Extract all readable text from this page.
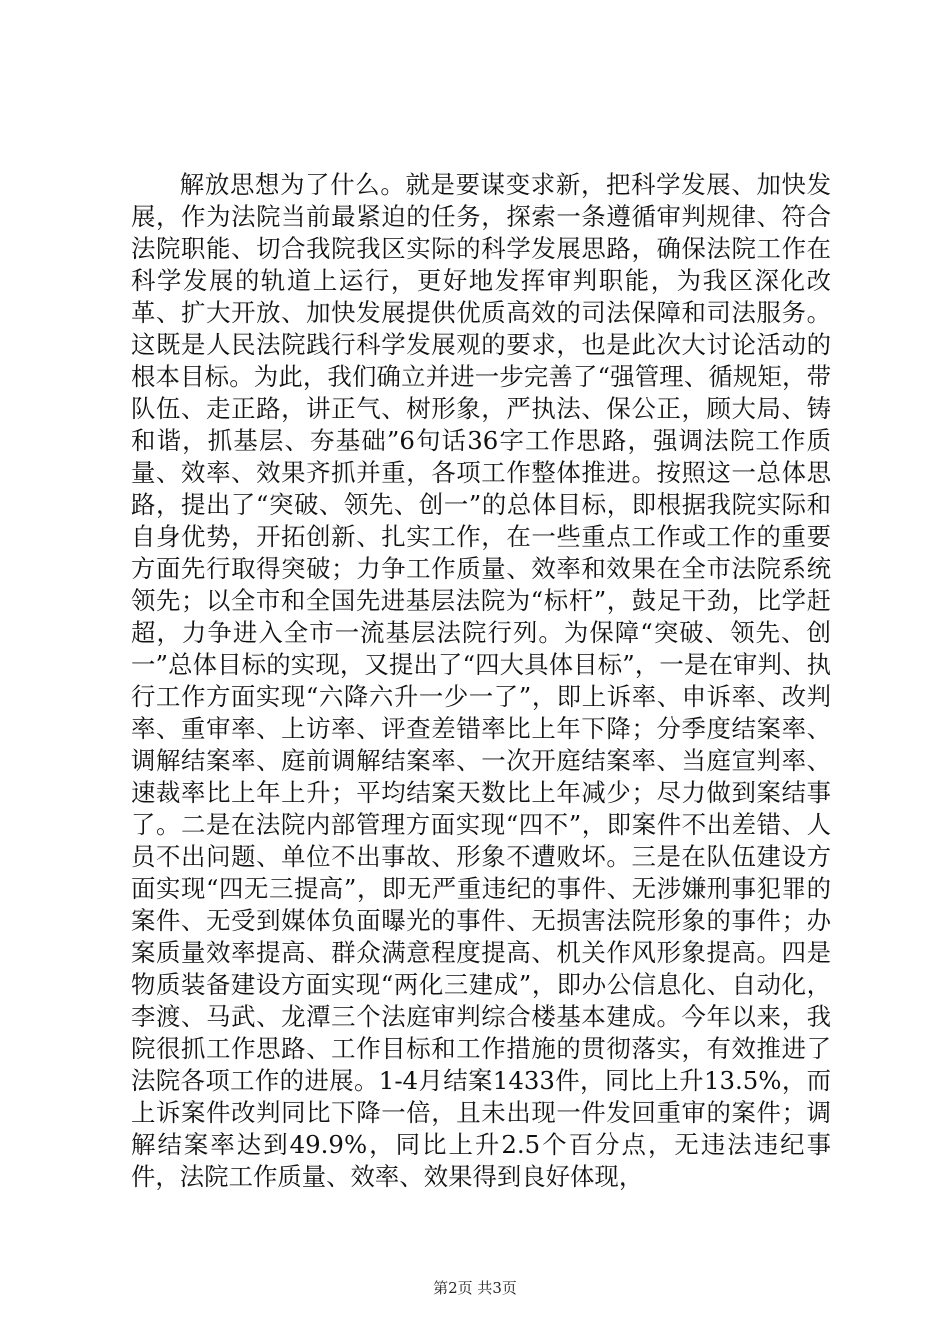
解放思想为了什么。就是要谋变求新，把科学发展、加快发展，作为法院当前最紧迫的任务，探索一条遵循审判规律、符合法院职能、切合我院我区实际的科学发展思路，确保法院工作在科学发展的轨道上运行，更好地发挥审判职能，为我区深化改革、扩大开放、加快发展提供优质高效的司法保障和司法服务。这既是人民法院践行科学发展观的要求，也是此次大讨论活动的根本目标。为此，我们确立并进一步完善了“强管理、循规矩，带队伍、走正路，讲正气、树形象，严执法、保公正，顾大局、铸和谐，抓基层、夯基础”6句话36字工作思路，强调法院工作质量、效率、效果齐抓并重，各项工作整体推进。按照这一总体思路，提出了“突破、领先、创一”的总体目标，即根据我院实际和自身优势，开拓创新、扎实工作，在一些重点工作或工作的重要方面先行取得突破；力争工作质量、效率和效果在全市法院系统领先；以全市和全国先进基层法院为“标杆”，鼓足干劲，比学赶超，力争进入全市一流基层法院行列。为保障“突破、领先、创一”总体目标的实现，又提出了“四大具体目标”，一是在审判、执行工作方面实现“六降六升一少一了”，即上诉率、申诉率、改判率、重审率、上访率、评查差错率比上年下降；分季度结案率、调解结案率、庭前调解结案率、一次开庭结案率、当庭宣判率、速裁率比上年上升；平均结案天数比上年减少；尽力做到案结事了。二是在法院内部管理方面实现“四不”，即案件不出差错、人员不出问题、单位不出事故、形象不遭败坏。三是在队伍建设方面实现“四无三提高”，即无严重违纪的事件、无涉嫌刑事犯罪的案件、无受到媒体负面曝光的事件、无损害法院形象的事件；办案质量效率提高、群众满意程度提高、机关作风形象提高。四是物质装备建设方面实现“两化三建成”，即办公信息化、自动化，李渡、马武、龙潭三个法庭审判综合楼基本建成。今年以来，我院很抓工作思路、工作目标和工作措施的贯彻落实，有效推进了法院各项工作的进展。1-4月结案1433件，同比上升13.5%，而上诉案件改判同比下降一倍，且未出现一件发回重审的案件；调解结案率达到49.9%，同比上升2.5个百分点，无违法违纪事件，法院工作质量、效率、效果得到良好体现，

第2页 共3页
